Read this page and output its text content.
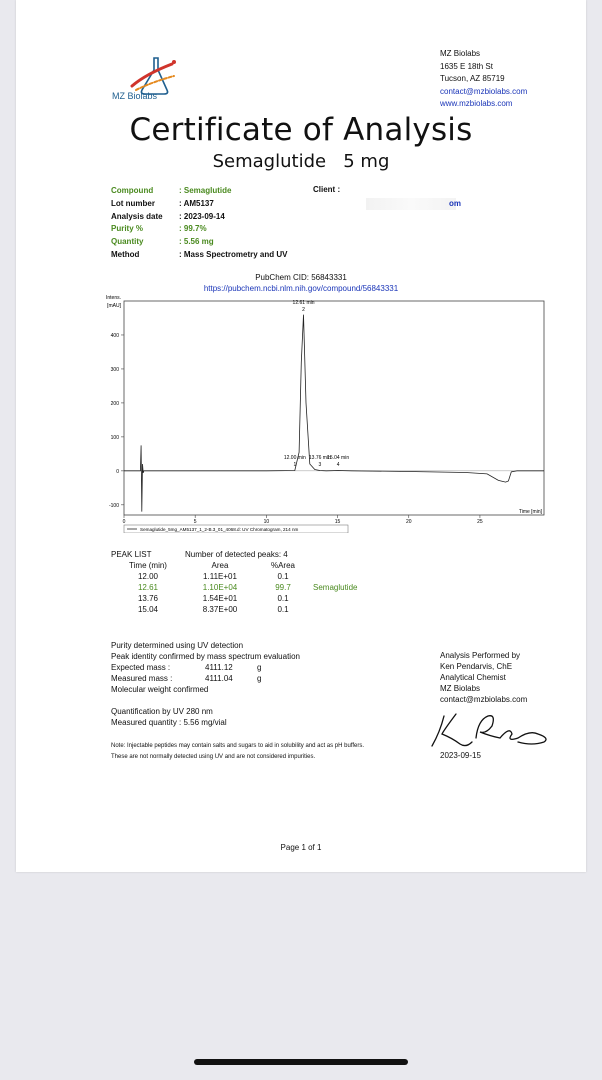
MZ Biolabs
MZ Biolabs
1635 E 18th St
Tucson, AZ 85719
contact@mzbiolabs.com
www.mzbiolabs.com
Certificate of Analysis
Semaglutide   5 mg
Compound	: Semaglutide
Lot number	: AM5137
Analysis date	: 2023-09-14
Purity %	: 99.7%
Quantity	: 5.56 mg
Method	: Mass Spectrometry and UV
Client :
om
PubChem CID: 56843331
https://pubchem.ncbi.nlm.nih.gov/compound/56843331
Intens.
[mAU]
-100
0
100
200
300
400
0	5	10	15	20	25
Time [min]
12.00 min
1
12.61 min
2
13.76 min
3
15.04 min
4
Semaglutide_5mg_AM5137_1_2-B.3_01_4068.d: UV Chromatogram, 214 nm
PEAK LIST	Number of detected peaks: 4
Time (min)	Area	%Area	
12.00	1.11E+01	0.1	
12.61	1.10E+04	99.7	Semaglutide
13.76	1.54E+01	0.1	
15.04	8.37E+00	0.1	
Purity determined using UV detection
Peak identity confirmed by mass spectrum evaluation
Expected mass :	4111.12	g
Measured mass :	4111.04	g
Molecular weight confirmed
Quantification by UV 280 nm
Measured quantity : 5.56 mg/vial
Note: Injectable peptides may contain salts and sugars to aid in solubility and act as pH buffers.
These are not normally detected using UV and are not considered impurities.
Analysis Performed by
Ken Pendarvis, ChE
Analytical Chemist
MZ Biolabs
contact@mzbiolabs.com
2023-09-15
Page 1 of 1
